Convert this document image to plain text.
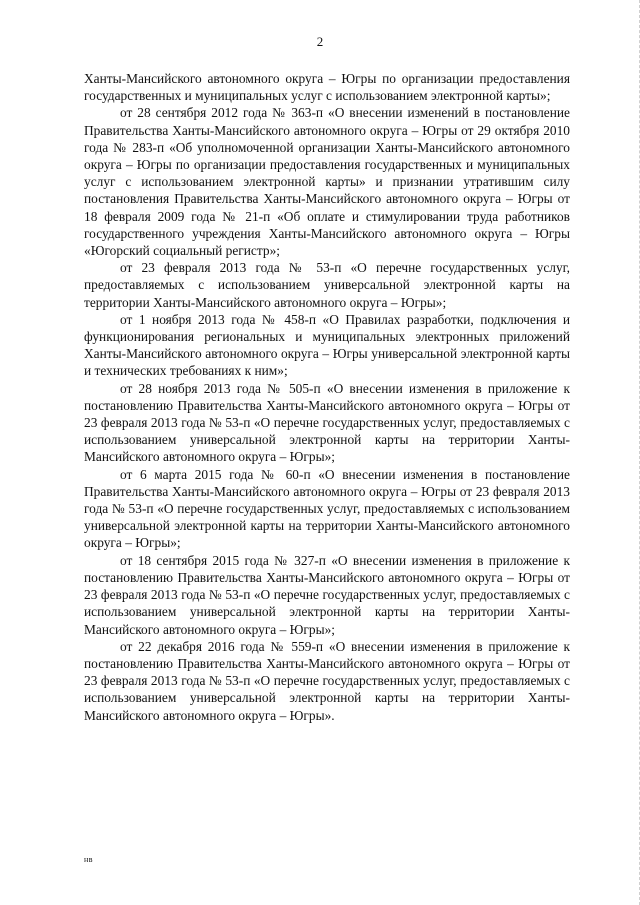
2

Ханты-Мансийского автономного округа – Югры по организации предоставления государственных и муниципальных услуг с использованием электронной карты»;

от 28 сентября 2012 года № 363-п «О внесении изменений в постановление Правительства Ханты-Мансийского автономного округа – Югры от 29 октября 2010 года № 283-п «Об уполномоченной организации Ханты-Мансийского автономного округа – Югры по организации предоставления государственных и муниципальных услуг с использованием электронной карты» и признании утратившим силу постановления Правительства Ханты-Мансийского автономного округа – Югры от 18 февраля 2009 года № 21-п «Об оплате и стимулировании труда работников государственного учреждения Ханты-Мансийского автономного округа – Югры «Югорский социальный регистр»;

от 23 февраля 2013 года № 53-п «О перечне государственных услуг, предоставляемых с использованием универсальной электронной карты на территории Ханты-Мансийского автономного округа – Югры»;

от 1 ноября 2013 года № 458-п «О Правилах разработки, подключения и функционирования региональных и муниципальных электронных приложений Ханты-Мансийского автономного округа – Югры универсальной электронной карты и технических требованиях к ним»;

от 28 ноября 2013 года № 505-п «О внесении изменения в приложение к постановлению Правительства Ханты-Мансийского автономного округа – Югры от 23 февраля 2013 года № 53-п «О перечне государственных услуг, предоставляемых с использованием универсальной электронной карты на территории Ханты-Мансийского автономного округа – Югры»;

от 6 марта 2015 года № 60-п «О внесении изменения в постановление Правительства Ханты-Мансийского автономного округа – Югры от 23 февраля 2013 года № 53-п «О перечне государственных услуг, предоставляемых с использованием универсальной электронной карты на территории Ханты-Мансийского автономного округа – Югры»;

от 18 сентября 2015 года № 327-п «О внесении изменения в приложение к постановлению Правительства Ханты-Мансийского автономного округа – Югры от 23 февраля 2013 года № 53-п «О перечне государственных услуг, предоставляемых с использованием универсальной электронной карты на территории Ханты-Мансийского автономного округа – Югры»;

от 22 декабря 2016 года № 559-п «О внесении изменения в приложение к постановлению Правительства Ханты-Мансийского автономного округа – Югры от 23 февраля 2013 года № 53-п «О перечне государственных услуг, предоставляемых с использованием универсальной электронной карты на территории Ханты-Мансийского автономного округа – Югры».

нв
